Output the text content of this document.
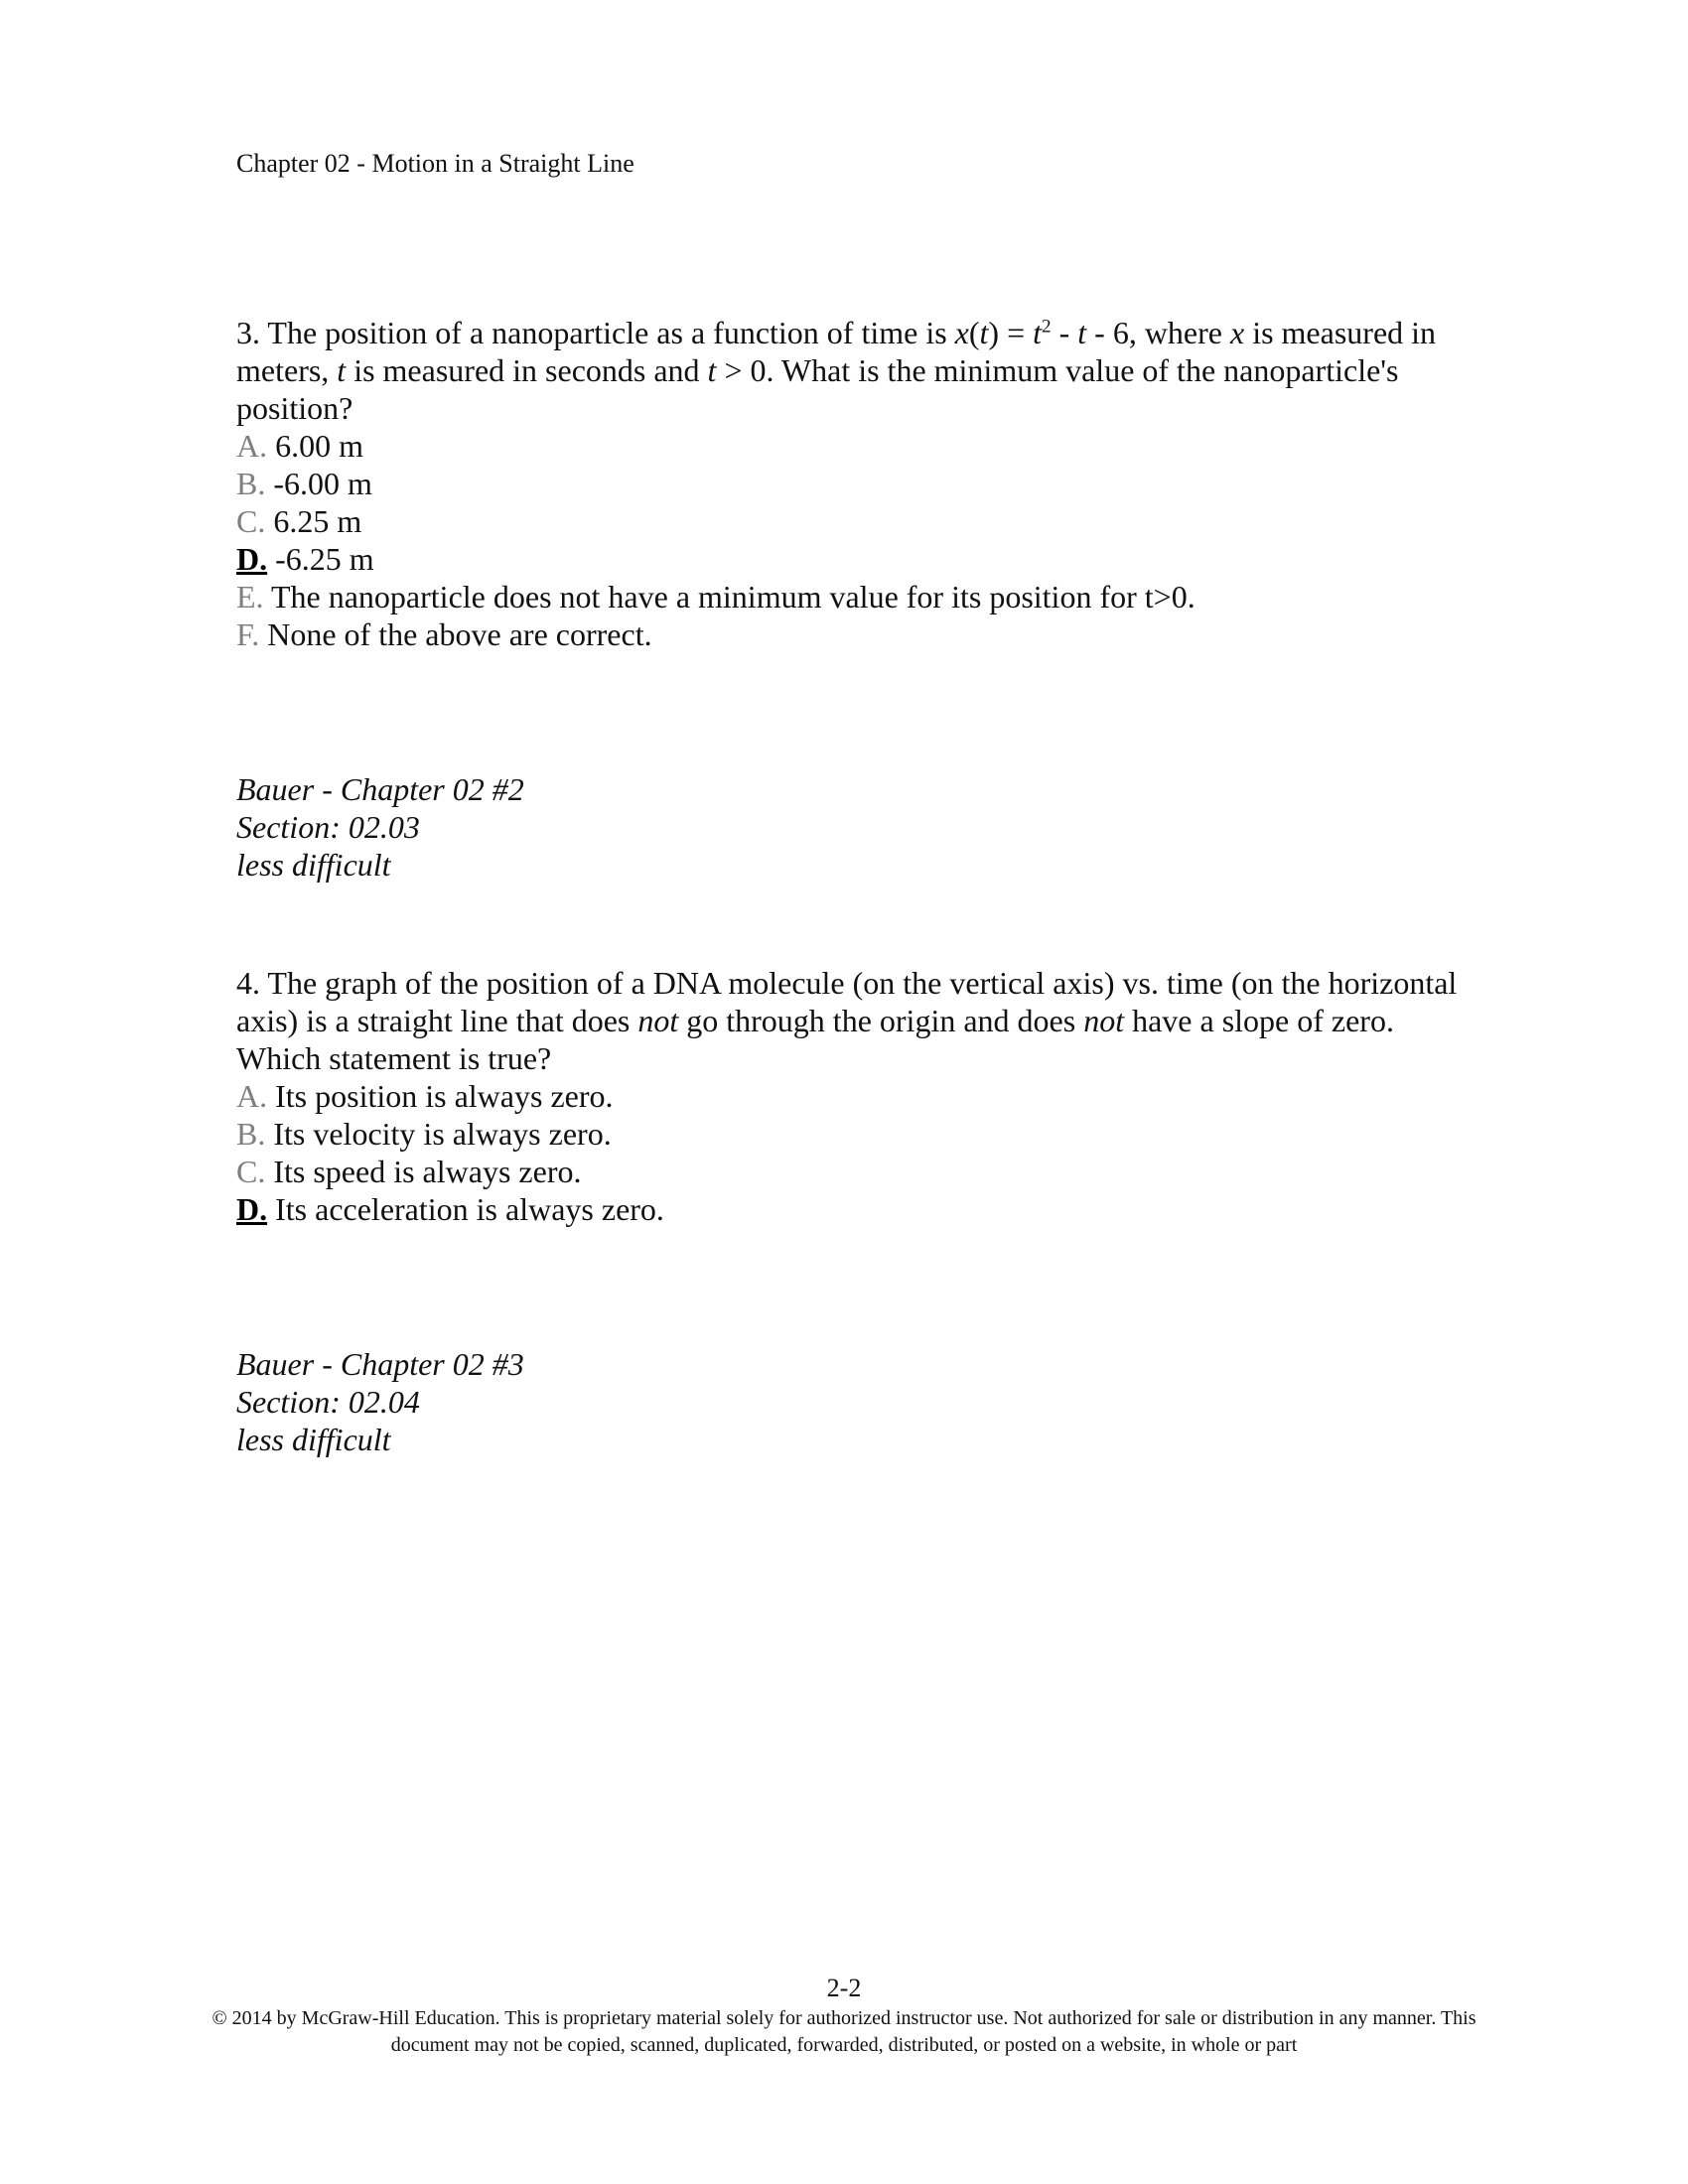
Chapter 02 - Motion in a Straight Line

3. The position of a nanoparticle as a function of time is $x(t) = t^2 - t - 6$, where x is measured in meters, t is measured in seconds and t > 0. What is the minimum value of the nanoparticle's position?

A. 6.00 m
B. -6.00 m
C. 6.25 m
D. -6.25 m
E. The nanoparticle does not have a minimum value for its position for t>0.
F. None of the above are correct.
Bauer - Chapter 02 #2
Section: 02.03
less difficult

4. The graph of the position of a DNA molecule (on the vertical axis) vs. time (on the horizontal axis) is a straight line that does not go through the origin and does not have a slope of zero. Which statement is true?

A. Its position is always zero.
B. Its velocity is always zero.
C. Its speed is always zero.
D. Its acceleration is always zero.
Bauer - Chapter 02 #3
Section: 02.04
less difficult
2-2
© 2014 by McGraw-Hill Education. This is proprietary material solely for authorized instructor use. Not authorized for sale or distribution in any manner. This document may not be copied, scanned, duplicated, forwarded, distributed, or posted on a website, in whole or part
